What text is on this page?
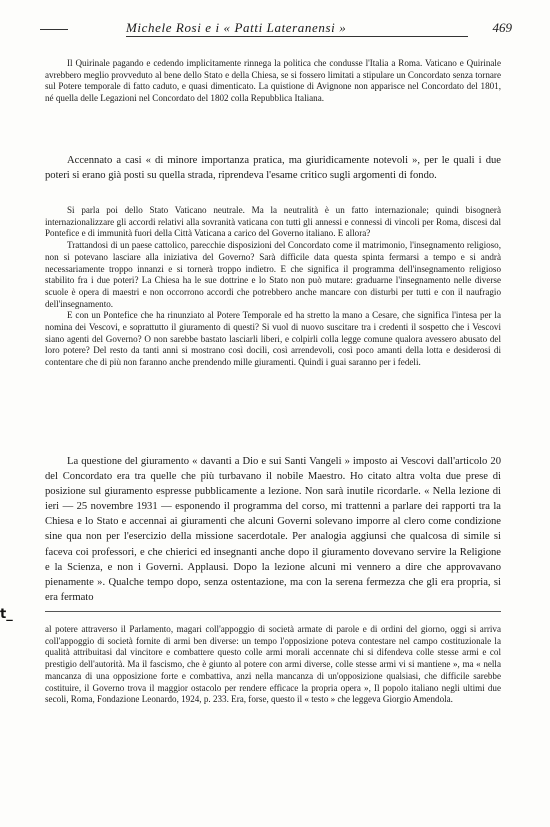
Michele Rosi e i « Patti Lateranensi »	469

Il Quirinale pagando e cedendo implicitamente rinnega la politica che condusse l'Italia a Roma. Vaticano e Quirinale avrebbero meglio provveduto al bene dello Stato e della Chiesa, se si fossero limitati a stipulare un Concordato senza tornare sul Potere temporale di fatto caduto, e quasi dimenticato. La quistione di Avignone non apparisce nel Concordato del 1801, né quella delle Legazioni nel Concordato del 1802 colla Repubblica Italiana.

Accennato a casi « di minore importanza pratica, ma giuridicamente notevoli », per le quali i due poteri si erano già posti su quella strada, riprendeva l'esame critico sugli argomenti di fondo.

Si parla poi dello Stato Vaticano neutrale. Ma la neutralità è un fatto internazionale; quindi bisognerà internazionalizzare gli accordi relativi alla sovranità vaticana con tutti gli annessi e connessi di vincoli per Roma, discesi dal Pontefice e di immunità fuori della Città Vaticana a carico del Governo italiano. E allora?

Trattandosi di un paese cattolico, parecchie disposizioni del Concordato come il matrimonio, l'insegnamento religioso, non si potevano lasciare alla iniziativa del Governo? Sarà difficile data questa spinta fermarsi a tempo e si andrà necessariamente troppo innanzi e si tornerà troppo indietro. E che significa il programma dell'insegnamento religioso stabilito fra i due poteri? La Chiesa ha le sue dottrine e lo Stato non può mutare: graduarne l'insegnamento nelle diverse scuole è opera di maestri e non occorrono accordi che potrebbero anche mancare con disturbi per tutti e con il naufragio dell'insegnamento.

E con un Pontefice che ha rinunziato al Potere Temporale ed ha stretto la mano a Cesare, che significa l'intesa per la nomina dei Vescovi, e soprattutto il giuramento di questi? Si vuol di nuovo suscitare tra i credenti il sospetto che i Vescovi siano agenti del Governo? O non sarebbe bastato lasciarli liberi, e colpirli colla legge comune qualora avessero abusato del loro potere? Del resto da tanti anni si mostrano così docili, così arrendevoli, così poco amanti della lotta e desiderosi di contentare che di più non faranno anche prendendo mille giuramenti. Quindi i guai saranno per i fedeli.

La questione del giuramento « davanti a Dio e sui Santi Vangeli » imposto ai Vescovi dall'articolo 20 del Concordato era tra quelle che più turbavano il nobile Maestro. Ho citato altra volta due prese di posizione sul giuramento espresse pubblicamente a lezione. Non sarà inutile ricordarle. « Nella lezione di ieri — 25 novembre 1931 — esponendo il programma del corso, mi trattenni a parlare dei rapporti tra la Chiesa e lo Stato e accennai ai giuramenti che alcuni Governi solevano imporre al clero come condizione sine qua non per l'esercizio della missione sacerdotale. Per analogia aggiunsi che qualcosa di simile si faceva coi professori, e che chierici ed insegnanti anche dopo il giuramento dovevano servire la Religione e la Scienza, e non i Governi. Applausi. Dopo la lezione alcuni mi vennero a dire che approvavano pienamente ». Qualche tempo dopo, senza ostentazione, ma con la serena fermezza che gli era propria, si era fermato

t_

al potere attraverso il Parlamento, magari coll'appoggio di società armate di parole e di ordini del giorno, oggi si arriva coll'appoggio di società fornite di armi ben diverse: un tempo l'opposizione poteva contestare nel campo costituzionale la qualità attribuitasi dal vincitore e combattere questo colle armi morali accennate chi si difendeva colle stesse armi e col prestigio dell'autorità. Ma il fascismo, che è giunto al potere con armi diverse, colle stesse armi vi si mantiene », ma « nella mancanza di una opposizione forte e combattiva, anzi nella mancanza di un'opposizione qualsiasi, che difficile sarebbe costituire, il Governo trova il maggior ostacolo per rendere efficace la propria opera », Il popolo italiano negli ultimi due secoli, Roma, Fondazione Leonardo, 1924, p. 233. Era, forse, questo il « testo » che leggeva Giorgio Amendola.
